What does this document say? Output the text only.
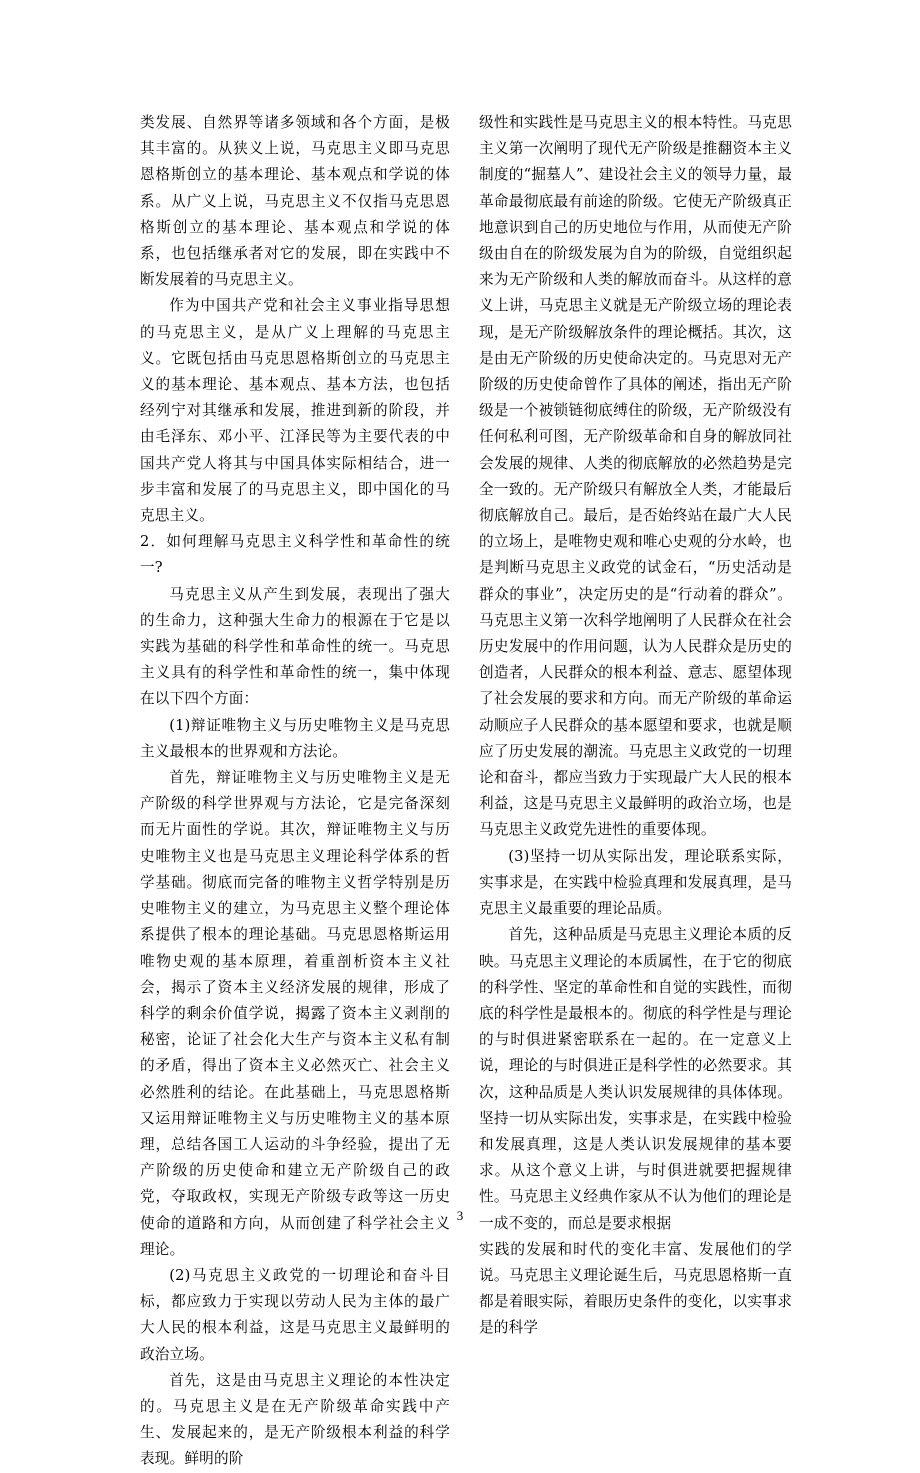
类发展、自然界等诸多领域和各个方面，是极其丰富的。从狭义上说，马克思主义即马克思恩格斯创立的基本理论、基本观点和学说的体系。从广义上说，马克思主义不仅指马克思恩格斯创立的基本理论、基本观点和学说的体系，也包括继承者对它的发展，即在实践中不断发展着的马克思主义。

作为中国共产党和社会主义事业指导思想的马克思主义，是从广义上理解的马克思主义。它既包括由马克思恩格斯创立的马克思主义的基本理论、基本观点、基本方法，也包括经列宁对其继承和发展，推进到新的阶段，并由毛泽东、邓小平、江泽民等为主要代表的中国共产党人将其与中国具体实际相结合，进一步丰富和发展了的马克思主义，即中国化的马克思主义。

2．如何理解马克思主义科学性和革命性的统一?

马克思主义从产生到发展，表现出了强大的生命力，这种强大生命力的根源在于它是以实践为基础的科学性和革命性的统一。马克思主义具有的科学性和革命性的统一，集中体现在以下四个方面：

(1)辩证唯物主义与历史唯物主义是马克思主义最根本的世界观和方法论。

首先，辩证唯物主义与历史唯物主义是无产阶级的科学世界观与方法论，它是完备深刻而无片面性的学说。其次，辩证唯物主义与历史唯物主义也是马克思主义理论科学体系的哲学基础。彻底而完备的唯物主义哲学特别是历史唯物主义的建立，为马克思主义整个理论体系提供了根本的理论基础。马克思恩格斯运用唯物史观的基本原理，着重剖析资本主义社会，揭示了资本主义经济发展的规律，形成了科学的剩余价值学说，揭露了资本主义剥削的秘密，论证了社会化大生产与资本主义私有制的矛盾，得出了资本主义必然灭亡、社会主义必然胜利的结论。在此基础上，马克思恩格斯又运用辩证唯物主义与历史唯物主义的基本原理，总结各国工人运动的斗争经验，提出了无产阶级的历史使命和建立无产阶级自己的政党，夺取政权，实现无产阶级专政等这一历史使命的道路和方向，从而创建了科学社会主义理论。

(2)马克思主义政党的一切理论和奋斗目标，都应致力于实现以劳动人民为主体的最广大人民的根本利益，这是马克思主义最鲜明的政治立场。

首先，这是由马克思主义理论的本性决定的。马克思主义是在无产阶级革命实践中产生、发展起来的，是无产阶级根本利益的科学表现。鲜明的阶

级性和实践性是马克思主义的根本特性。马克思主义第一次阐明了现代无产阶级是推翻资本主义制度的“掘墓人”、建设社会主义的领导力量，最革命最彻底最有前途的阶级。它使无产阶级真正地意识到自己的历史地位与作用，从而使无产阶级由自在的阶级发展为自为的阶级，自觉组织起来为无产阶级和人类的解放而奋斗。从这样的意义上讲，马克思主义就是无产阶级立场的理论表现，是无产阶级解放条件的理论概括。其次，这是由无产阶级的历史使命决定的。马克思对无产阶级的历史使命曾作了具体的阐述，指出无产阶级是一个被锁链彻底缚住的阶级，无产阶级没有任何私利可图，无产阶级革命和自身的解放同社会发展的规律、人类的彻底解放的必然趋势是完全一致的。无产阶级只有解放全人类，才能最后彻底解放自己。最后，是否始终站在最广大人民的立场上，是唯物史观和唯心史观的分水岭，也是判断马克思主义政党的试金石，“历史活动是群众的事业”，决定历史的是“行动着的群众”。马克思主义第一次科学地阐明了人民群众在社会历史发展中的作用问题，认为人民群众是历史的创造者，人民群众的根本利益、意志、愿望体现了社会发展的要求和方向。而无产阶级的革命运动顺应子人民群众的基本愿望和要求，也就是顺应了历史发展的潮流。马克思主义政党的一切理论和奋斗，都应当致力于实现最广大人民的根本利益，这是马克思主义最鲜明的政治立场，也是马克思主义政党先进性的重要体现。

(3)坚持一切从实际出发，理论联系实际，实事求是，在实践中检验真理和发展真理，是马克思主义最重要的理论品质。

首先，这种品质是马克思主义理论本质的反映。马克思主义理论的本质属性，在于它的彻底的科学性、坚定的革命性和自觉的实践性，而彻底的科学性是最根本的。彻底的科学性是与理论的与时俱进紧密联系在一起的。在一定意义上说，理论的与时俱进正是科学性的必然要求。其次，这种品质是人类认识发展规律的具体体现。坚持一切从实际出发，实事求是，在实践中检验和发展真理，这是人类认识发展规律的基本要求。从这个意义上讲，与时俱进就要把握规律性。马克思主义经典作家从不认为他们的理论是一成不变的，而总是要求根据

实践的发展和时代的变化丰富、发展他们的学说。马克思主义理论诞生后，马克思恩格斯一直都是着眼实际，着眼历史条件的变化，以实事求是的科学

3
